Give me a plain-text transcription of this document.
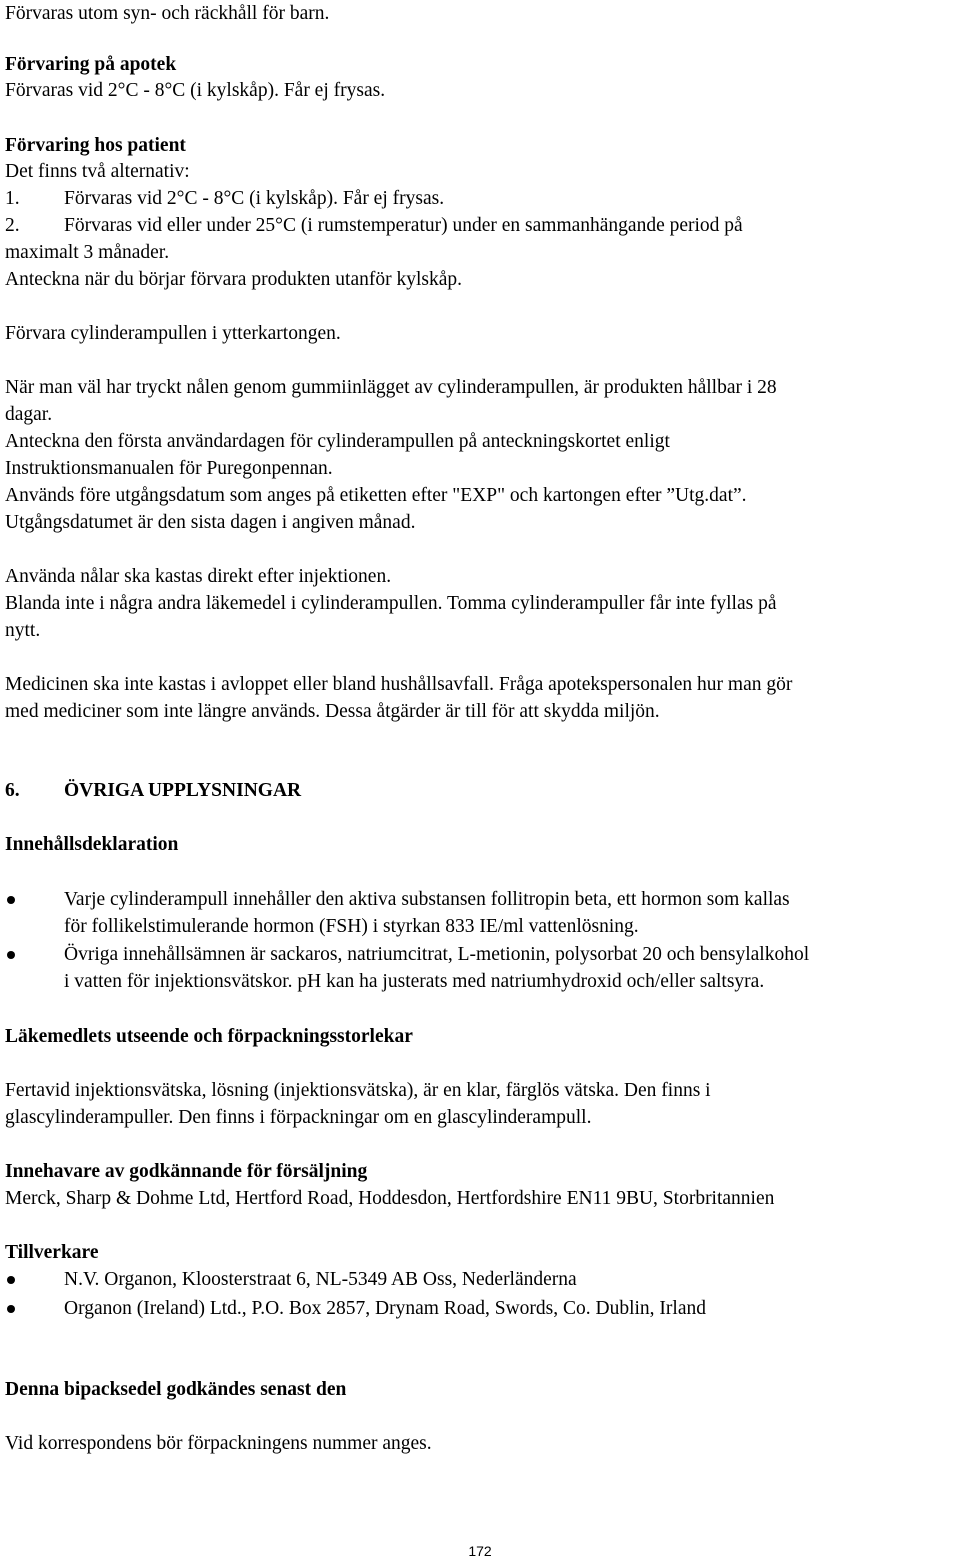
Förvaras utom syn- och räckhåll för barn.
Förvaring på apotek
Förvaras vid 2°C - 8°C (i kylskåp). Får ej frysas.
Förvaring hos patient
Det finns två alternativ:
1. Förvaras vid 2°C - 8°C (i kylskåp). Får ej frysas.
2. Förvaras vid eller under 25°C (i rumstemperatur) under en sammanhängande period på
maximalt 3 månader.
Anteckna när du börjar förvara produkten utanför kylskåp.
Förvara cylinderampullen i ytterkartongen.
När man väl har tryckt nålen genom gummiinlägget av cylinderampullen, är produkten hållbar i 28
dagar.
Anteckna den första användardagen för cylinderampullen på anteckningskortet enligt
Instruktionsmanualen för Puregonpennan.
Används före utgångsdatum som anges på etiketten efter "EXP" och kartongen efter ”Utg.dat”.
Utgångsdatumet är den sista dagen i angiven månad.
Använda nålar ska kastas direkt efter injektionen.
Blanda inte i några andra läkemedel i cylinderampullen. Tomma cylinderampuller får inte fyllas på
nytt.
Medicinen ska inte kastas i avloppet eller bland hushållsavfall. Fråga apotekspersonalen hur man gör
med mediciner som inte längre används. Dessa åtgärder är till för att skydda miljön.
6. ÖVRIGA UPPLYSNINGAR
Innehållsdeklaration
Varje cylinderampull innehåller den aktiva substansen follitropin beta, ett hormon som kallas
för follikelstimulerande hormon (FSH) i styrkan 833 IE/ml vattenlösning.
Övriga innehållsämnen är sackaros, natriumcitrat, L-metionin, polysorbat 20 och bensylalkohol
i vatten för injektionsvätskor. pH kan ha justerats med natriumhydroxid och/eller saltsyra.
Läkemedlets utseende och förpackningsstorlekar
Fertavid injektionsvätska, lösning (injektionsvätska), är en klar, färglös vätska. Den finns i
glascylinderampuller. Den finns i förpackningar om en glascylinderampull.
Innehavare av godkännande för försäljning
Merck, Sharp & Dohme Ltd, Hertford Road, Hoddesdon, Hertfordshire EN11 9BU, Storbritannien
Tillverkare
N.V. Organon, Kloosterstraat 6, NL-5349 AB Oss, Nederländerna
Organon (Ireland) Ltd., P.O. Box 2857, Drynam Road, Swords, Co. Dublin, Irland
Denna bipacksedel godkändes senast den
Vid korrespondens bör förpackningens nummer anges.
172
